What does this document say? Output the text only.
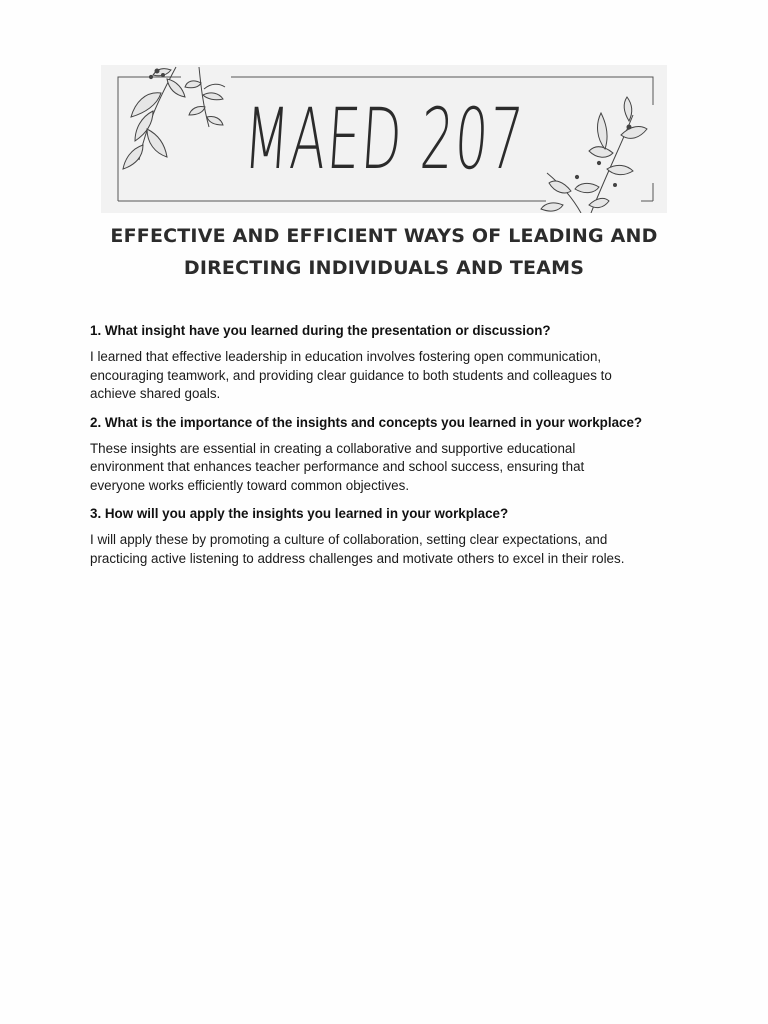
MAED 207
EFFECTIVE AND EFFICIENT WAYS OF LEADING AND
DIRECTING INDIVIDUALS AND TEAMS

1. What insight have you learned during the presentation or discussion?

I learned that effective leadership in education involves fostering open communication,
encouraging teamwork, and providing clear guidance to both students and colleagues to
achieve shared goals.

2. What is the importance of the insights and concepts you learned in your workplace?

These insights are essential in creating a collaborative and supportive educational
environment that enhances teacher performance and school success, ensuring that
everyone works efficiently toward common objectives.

3. How will you apply the insights you learned in your workplace?

I will apply these by promoting a culture of collaboration, setting clear expectations, and
practicing active listening to address challenges and motivate others to excel in their roles.
